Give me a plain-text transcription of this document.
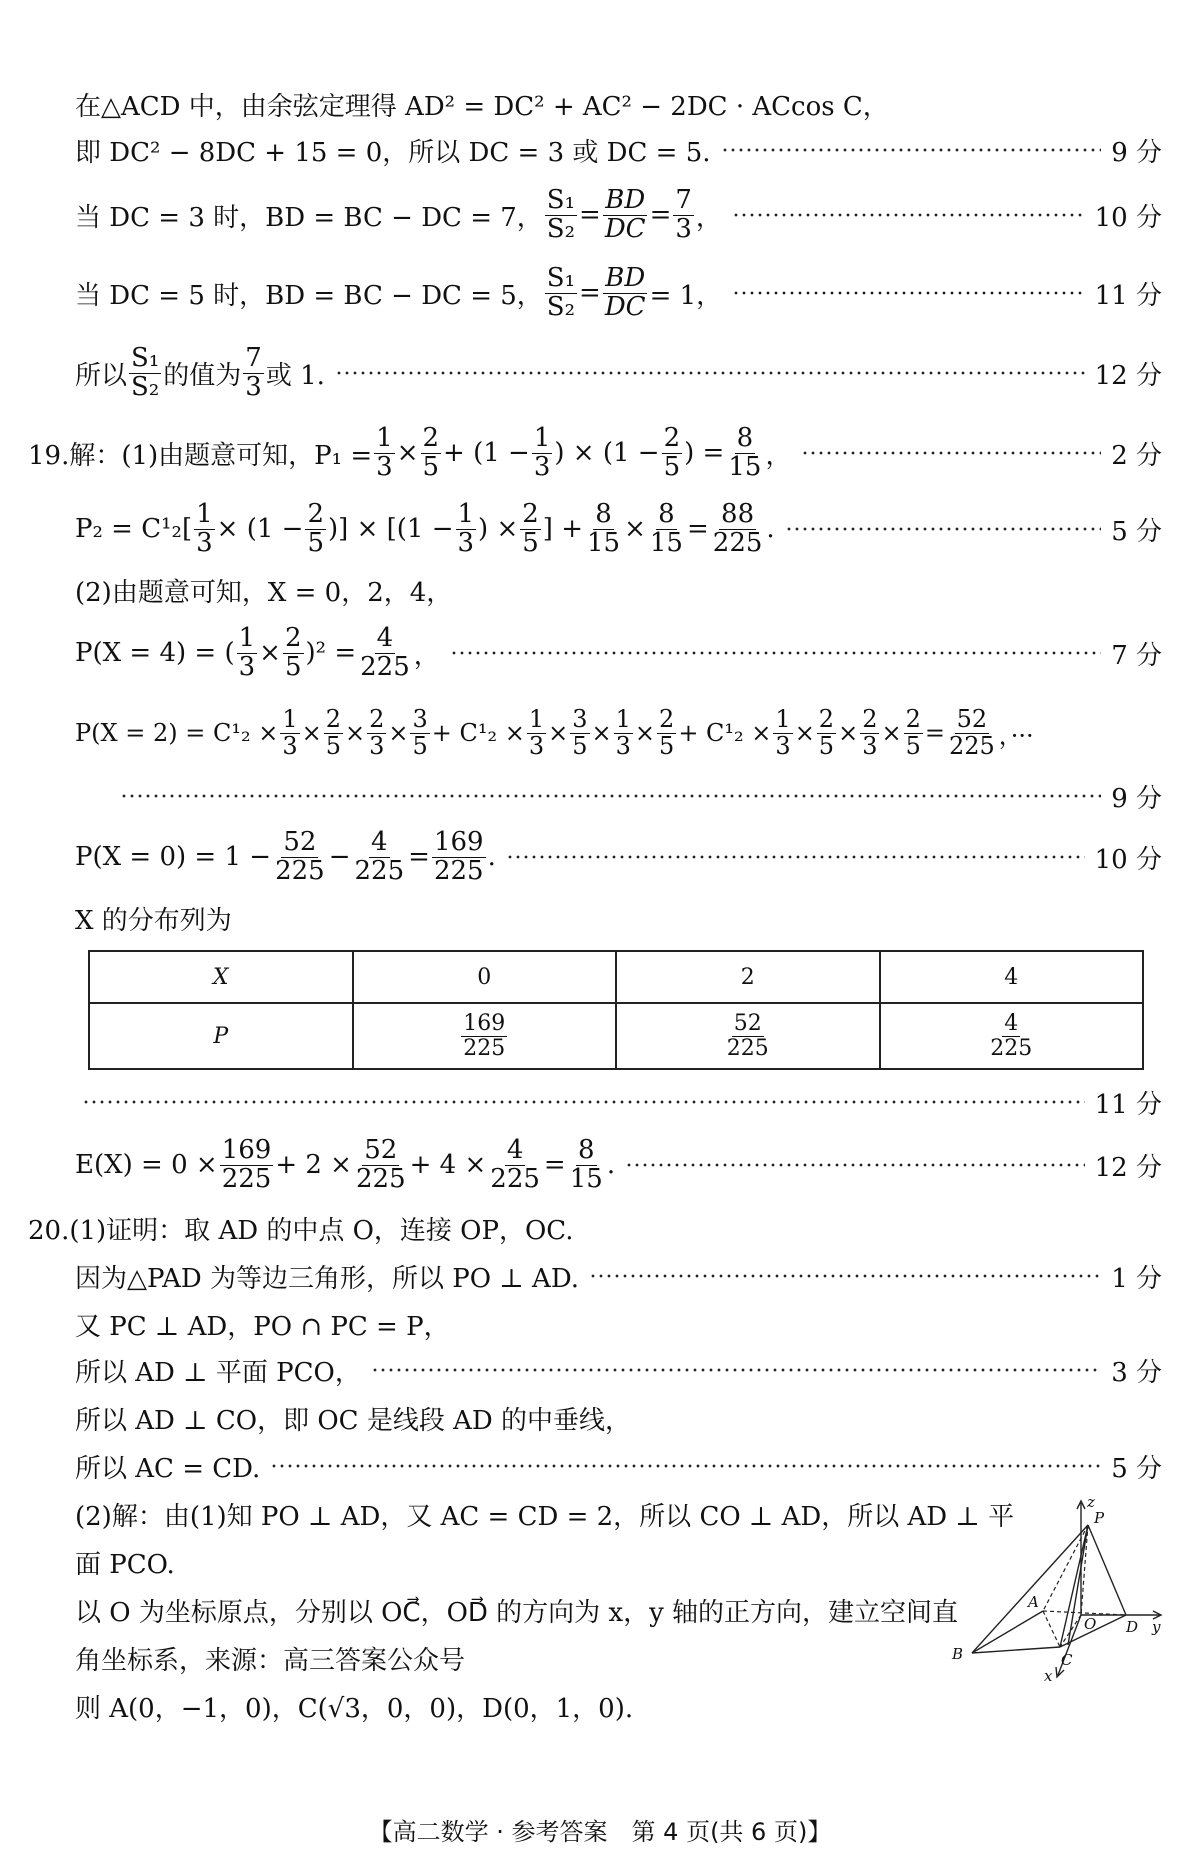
在△ACD 中，由余弦定理得 AD² = DC² + AC² − 2DC · ACcos C，
即 DC² − 8DC + 15 = 0，所以 DC = 3 或 DC = 5.	9 分
当 DC = 3 时，BD = BC − DC = 7， $\frac{\text{S₁}}{\text{S₂}} = \frac{BD}{DC} = \frac{7}{3}$ ，	10 分
当 DC = 5 时，BD = BC − DC = 5， $\frac{\text{S₁}}{\text{S₂}} = \frac{BD}{DC} = 1$，	11 分
所以 $\frac{\text{S₁}}{\text{S₂}}$ 的值为 $\frac{7}{3}$ 或 1.	12 分
19.解：(1)由题意可知，$P_1 = \frac{1}{3} \times \frac{2}{5} + (1 - \frac{1}{3}$ ) × ($1 - \frac{2}{5}$ ) = $\frac{8}{15}$ ，	2 分
$P_2 = C^1_2[ \frac{1}{3} \times (1 - \frac{2}{5}$ )] × [($1 - \frac{1}{3}$ ) × $\frac{2}{5}$ ] + $\frac{8}{15} \times \frac{8}{15} = \frac{88}{225}$ .	5 分
(2)由题意可知，X = 0，2，4，
P(X = 4) = ( $\frac{1}{3} \times \frac{2}{5} )^2 = \frac{4}{225}$ ，	7 分
$P(X = 2) = C^1_2 \times \frac{1}{3} \times \frac{2}{5} \times \frac{2}{3} \times \frac{3}{5} + C^1_2 \times \frac{1}{3} \times \frac{3}{5} \times \frac{1}{3} \times \frac{2}{5} + C^1_2 \times \frac{1}{3} \times \frac{2}{5} \times \frac{2}{3} \times \frac{2}{5} = \frac{52}{225}$ ，···
9 分
$P(X = 0) = 1 - \frac{52}{225} - \frac{4}{225} = \frac{169}{225}$ .	10 分
X 的分布列为
X	0	2	4
P	$\frac{169}{225}$	$\frac{52}{225}$	$\frac{4}{225}$
11 分
$E(X) = 0 \times \frac{169}{225} + 2 \times \frac{52}{225} + 4 \times \frac{4}{225} = \frac{8}{15}$ .	12 分
20.(1)证明：取 AD 的中点 O，连接 OP，OC.
因为△PAD 为等边三角形，所以 PO ⊥ AD.	1 分
又 PC ⊥ AD，PO ∩ PC = P，
所以 AD ⊥ 平面 PCO，	3 分
所以 AD ⊥ CO，即 OC 是线段 AD 的中垂线，
所以 AC = CD.	5 分
(2)解：由(1)知 PO ⊥ AD，又 AC = CD = 2，所以 CO ⊥ AD，所以 AD ⊥ 平
面 PCO.
以 O 为坐标原点，分别以 OC⃗，OD⃗ 的方向为 x，y 轴的正方向，建立空间直
角坐标系，来源：高三答案公众号
则 A(0，−1，0)，C(√3，0，0)，D(0，1，0).
z
P
A
O D y
B	C
x
【高二数学 · 参考答案　第 4 页(共 6 页)】
